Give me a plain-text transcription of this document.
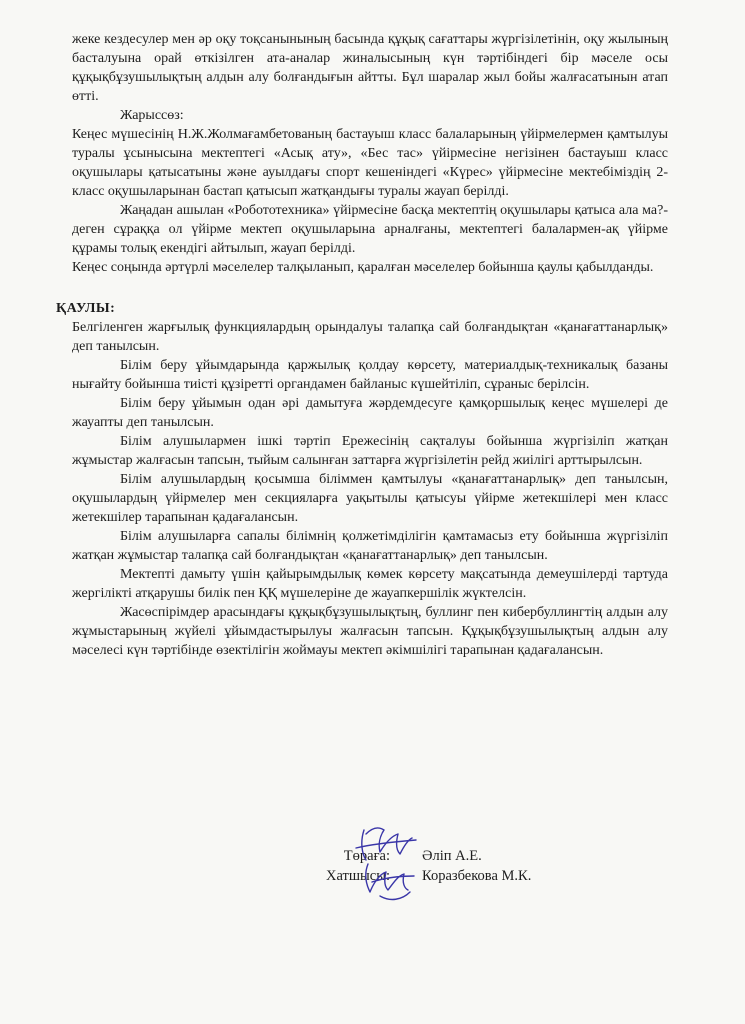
жеке кездесулер мен әр оқу тоқсанынының басында құқық сағаттары жүргізілетінін, оқу жылының басталуына орай өткізілген ата-аналар жиналысының күн тәртібіндегі бір мәселе осы құқықбұзушылықтың алдын алу болғандығын айтты. Бұл шаралар жыл бойы жалғасатынын атап өтті.

Жарыссөз:

Кеңес мүшесінің Н.Ж.Жолмағамбетованың бастауыш класс балаларының үйірмелермен қамтылуы туралы ұсынысына мектептегі «Асық ату», «Бес тас» үйірмесіне негізінен бастауыш класс оқушылары қатысатыны және ауылдағы спорт кешеніндегі «Күрес» үйірмесіне мектебіміздің 2-класс оқушыларынан бастап қатысып жатқандығы туралы жауап берілді.

Жаңадан ашылан «Робототехника» үйірмесіне басқа мектептің оқушылары қатыса ала ма?-деген сұраққа ол үйірме мектеп оқушыларына арналғаны, мектептегі балалармен-ақ үйірме құрамы толық екендігі айтылып, жауап берілді.

Кеңес соңында әртүрлі мәселелер талқыланып, қаралған мәселелер бойынша қаулы қабылданды.

ҚАУЛЫ:

Белгіленген жарғылық функциялардың орындалуы талапқа сай болғандықтан «қанағаттанарлық» деп танылсын.

Білім беру ұйымдарында қаржылық қолдау көрсету, материалдық-техникалық базаны нығайту бойынша тиісті құзіретті органдамен байланыс күшейтіліп, сұраныс берілсін.

Білім беру ұйымын одан әрі дамытуға жәрдемдесуге қамқоршылық кеңес мүшелері де жауапты деп танылсын.

Білім алушылармен ішкі тәртіп Ережесінің сақталуы бойынша жүргізіліп жатқан жұмыстар жалғасын тапсын, тыйым салынған заттарға жүргізілетін рейд жиілігі арттырылсын.

Білім алушылардың қосымша біліммен қамтылуы «қанағаттанарлық» деп танылсын, оқушылардың үйірмелер мен секцияларға уақытылы қатысуы үйірме жетекшілері мен класс жетекшілер тарапынан қадағалансын.

Білім алушыларға сапалы білімнің қолжетімділігін қамтамасыз ету бойынша жүргізіліп жатқан жұмыстар талапқа сай болғандықтан «қанағаттанарлық» деп танылсын.

Мектепті дамыту үшін қайырымдылық көмек көрсету мақсатында демеушілерді тартуда жергілікті атқарушы билік пен ҚҚ мүшелеріне де жауапкершілік жүктелсін.

Жасөспірімдер арасындағы құқықбұзушылықтың, буллинг пен кибербуллингтің алдын алу жұмыстарының жүйелі ұйымдастырылуы жалғасын тапсын. Құқықбұзушылықтың алдын алу мәселесі күн тәртібінде өзектілігін жоймауы мектеп әкімшілігі тарапынан қадағалансын.

Төраға: Әліп А.Е.
Хатшысы: Коразбекова М.К.
